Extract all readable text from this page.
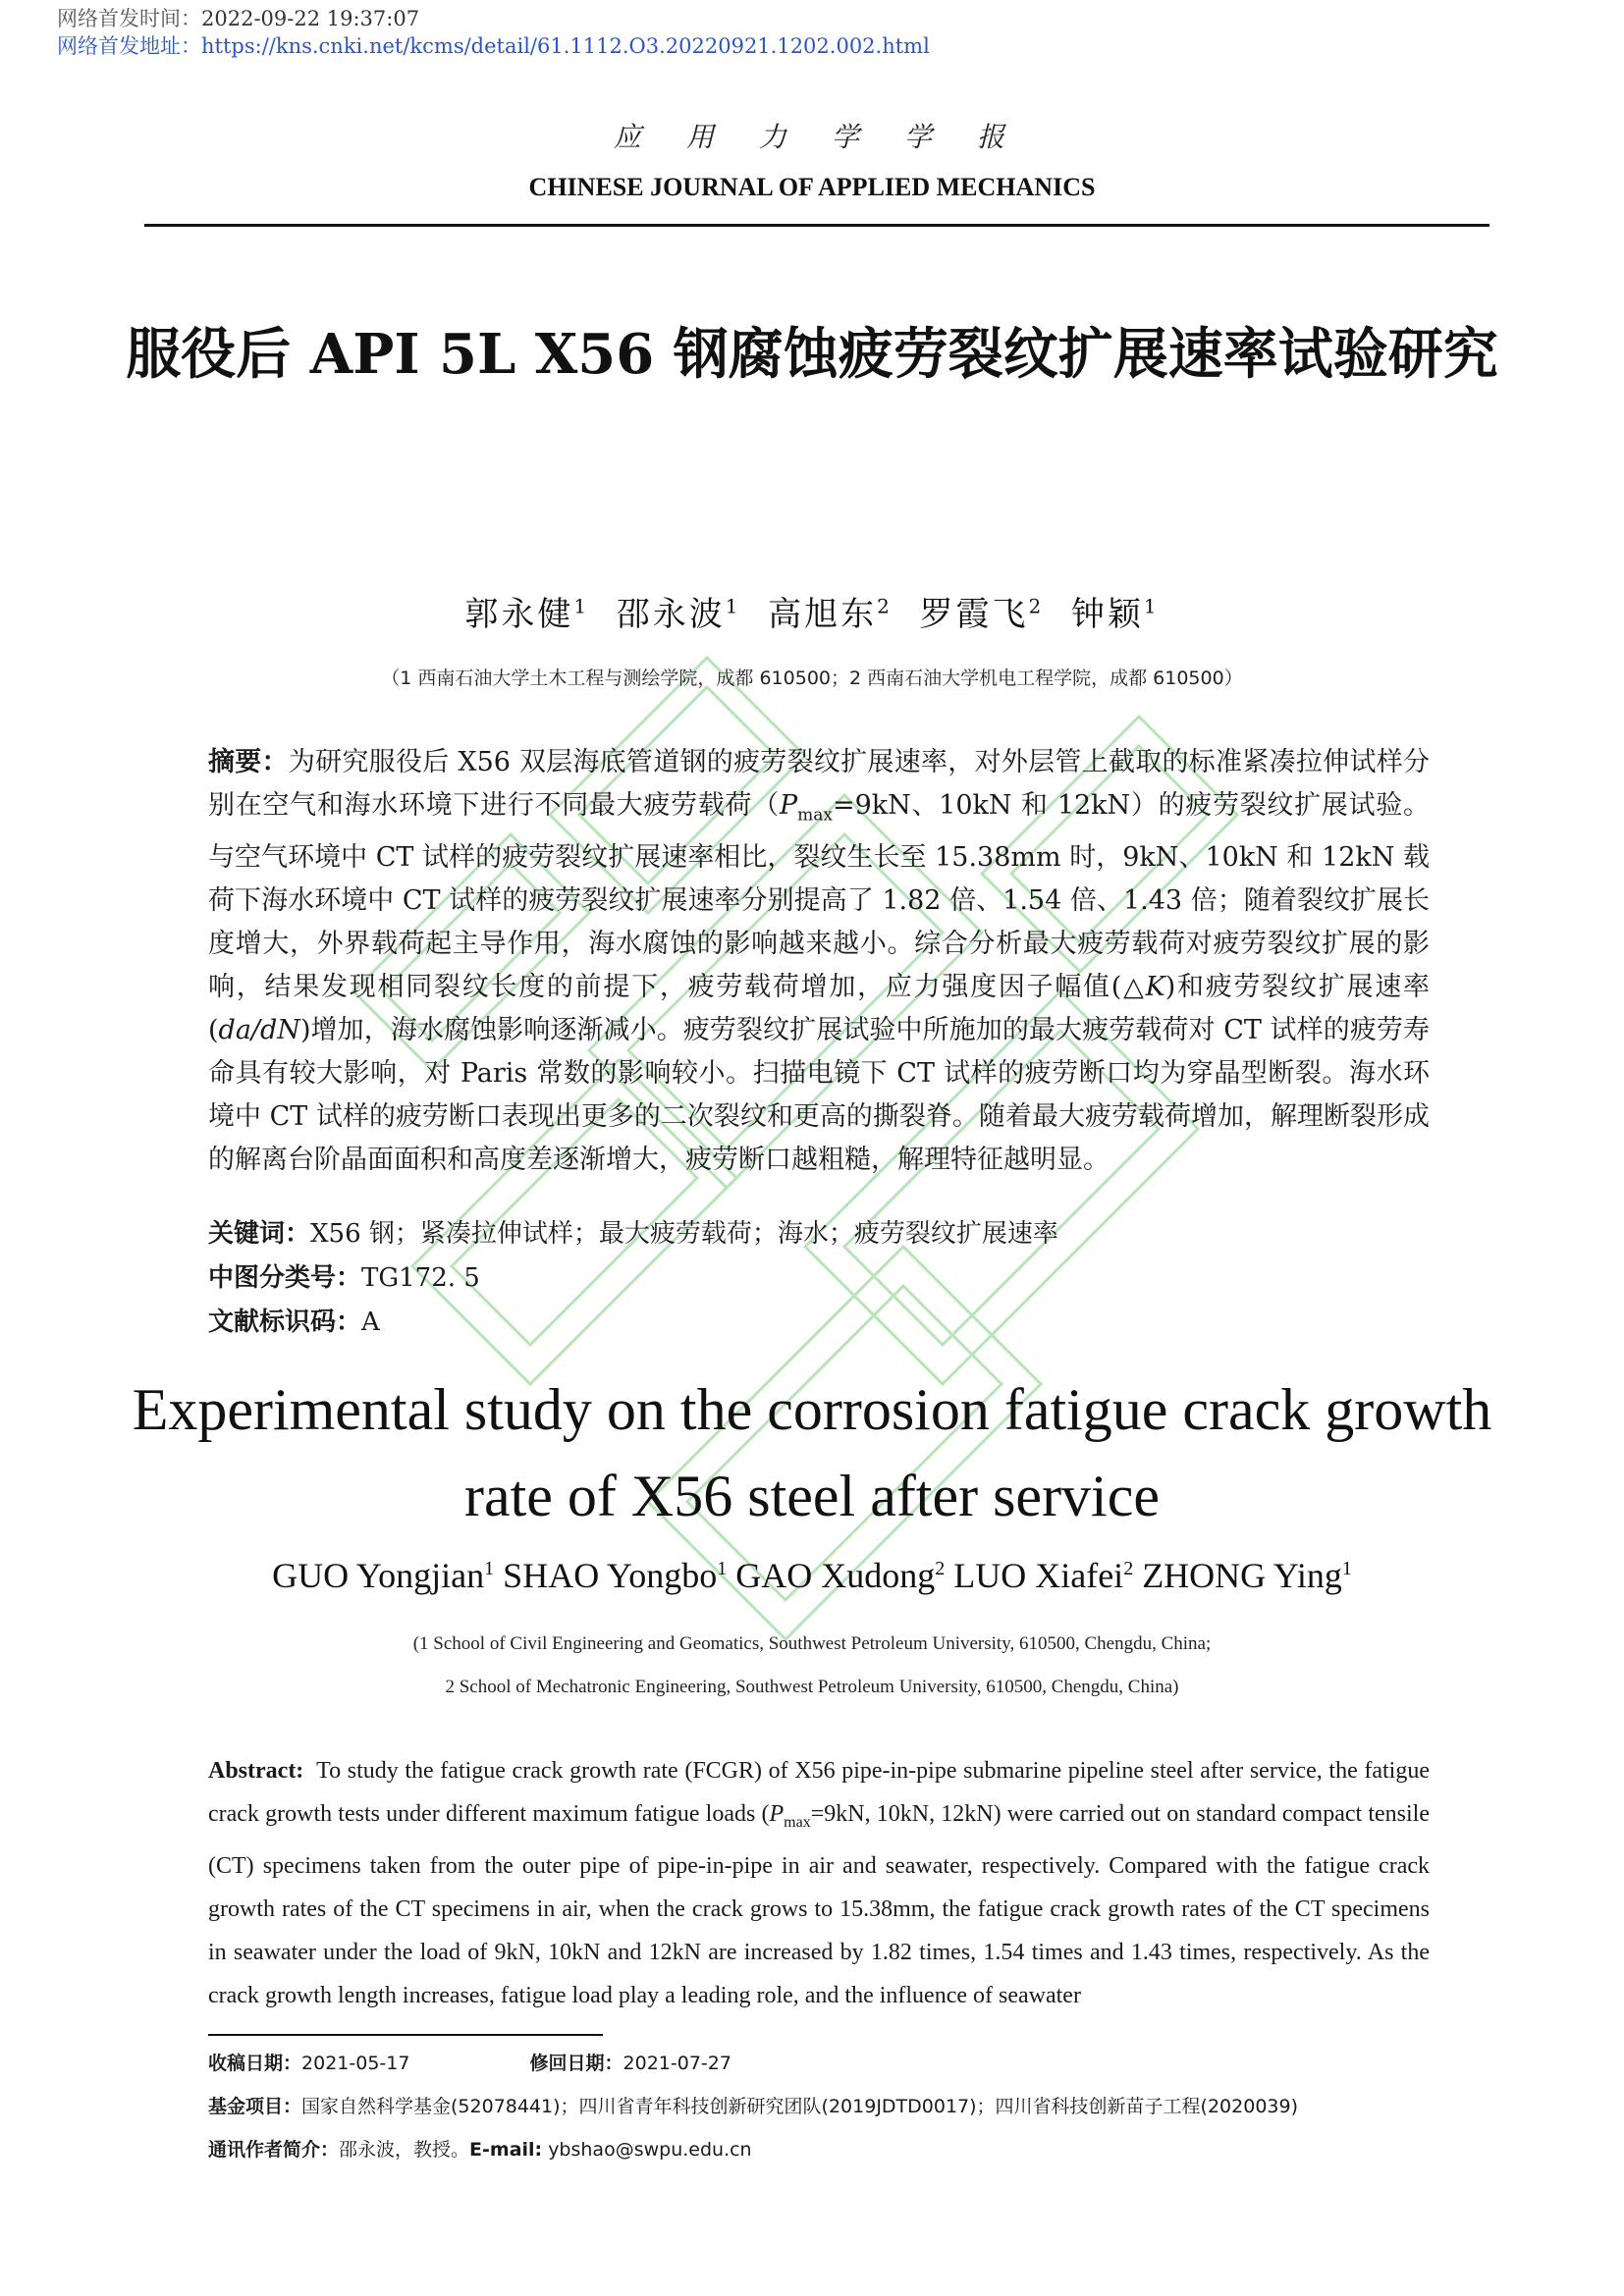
网络首发时间：2022-09-22 19:37:07
网络首发地址：https://kns.cnki.net/kcms/detail/61.1112.O3.20220921.1202.002.html
应用力学学报
CHINESE JOURNAL OF APPLIED MECHANICS
服役后 API 5L X56 钢腐蚀疲劳裂纹扩展速率试验研究
郭永健$^1$ 邵永波$^1$ 高旭东$^2$ 罗霞飞$^2$ 钟颖$^1$
（1 西南石油大学土木工程与测绘学院，成都 610500；2 西南石油大学机电工程学院，成都 610500）
摘要：为研究服役后 X56 双层海底管道钢的疲劳裂纹扩展速率，对外层管上截取的标准紧凑拉伸试样分别在空气和海水环境下进行不同最大疲劳载荷（$P_{max}=9kN$、10kN 和 12kN）的疲劳裂纹扩展试验。与空气环境中 CT 试样的疲劳裂纹扩展速率相比，裂纹生长至 15.38mm 时，9kN、10kN 和 12kN 载荷下海水环境中 CT 试样的疲劳裂纹扩展速率分别提高了 1.82 倍、1.54 倍、1.43 倍；随着裂纹扩展长度增大，外界载荷起主导作用，海水腐蚀的影响越来越小。综合分析最大疲劳载荷对疲劳裂纹扩展的影响，结果发现相同裂纹长度的前提下，疲劳载荷增加，应力强度因子幅值(△K)和疲劳裂纹扩展速率(da/dN)增加，海水腐蚀影响逐渐减小。疲劳裂纹扩展试验中所施加的最大疲劳载荷对 CT 试样的疲劳寿命具有较大影响，对 Paris 常数的影响较小。扫描电镜下 CT 试样的疲劳断口均为穿晶型断裂。海水环境中 CT 试样的疲劳断口表现出更多的二次裂纹和更高的撕裂脊。随着最大疲劳载荷增加，解理断裂形成的解离台阶晶面面积和高度差逐渐增大，疲劳断口越粗糙，解理特征越明显。
关键词：X56 钢；紧凑拉伸试样；最大疲劳载荷；海水；疲劳裂纹扩展速率
中图分类号：TG172. 5
文献标识码：A
Experimental study on the corrosion fatigue crack growth rate of X56 steel after service
GUO Yongjian$^1$ SHAO Yongbo$^1$ GAO Xudong$^2$ LUO Xiafei$^2$ ZHONG Ying$^1$
(1 School of Civil Engineering and Geomatics, Southwest Petroleum University, 610500, Chengdu, China;
2 School of Mechatronic Engineering, Southwest Petroleum University, 610500, Chengdu, China)
Abstract: To study the fatigue crack growth rate (FCGR) of X56 pipe-in-pipe submarine pipeline steel after service, the fatigue crack growth tests under different maximum fatigue loads ($P_{max}=9kN$, 10kN, 12kN) were carried out on standard compact tensile (CT) specimens taken from the outer pipe of pipe-in-pipe in air and seawater, respectively. Compared with the fatigue crack growth rates of the CT specimens in air, when the crack grows to 15.38mm, the fatigue crack growth rates of the CT specimens in seawater under the load of 9kN, 10kN and 12kN are increased by 1.82 times, 1.54 times and 1.43 times, respectively. As the crack growth length increases, fatigue load play a leading role, and the influence of seawater
收稿日期：2021-05-17	修回日期：2021-07-27
基金项目：国家自然科学基金(52078441)；四川省青年科技创新研究团队(2019JDTD0017)；四川省科技创新苗子工程(2020039)
通讯作者简介：邵永波，教授。E-mail: ybshao@swpu.edu.cn
